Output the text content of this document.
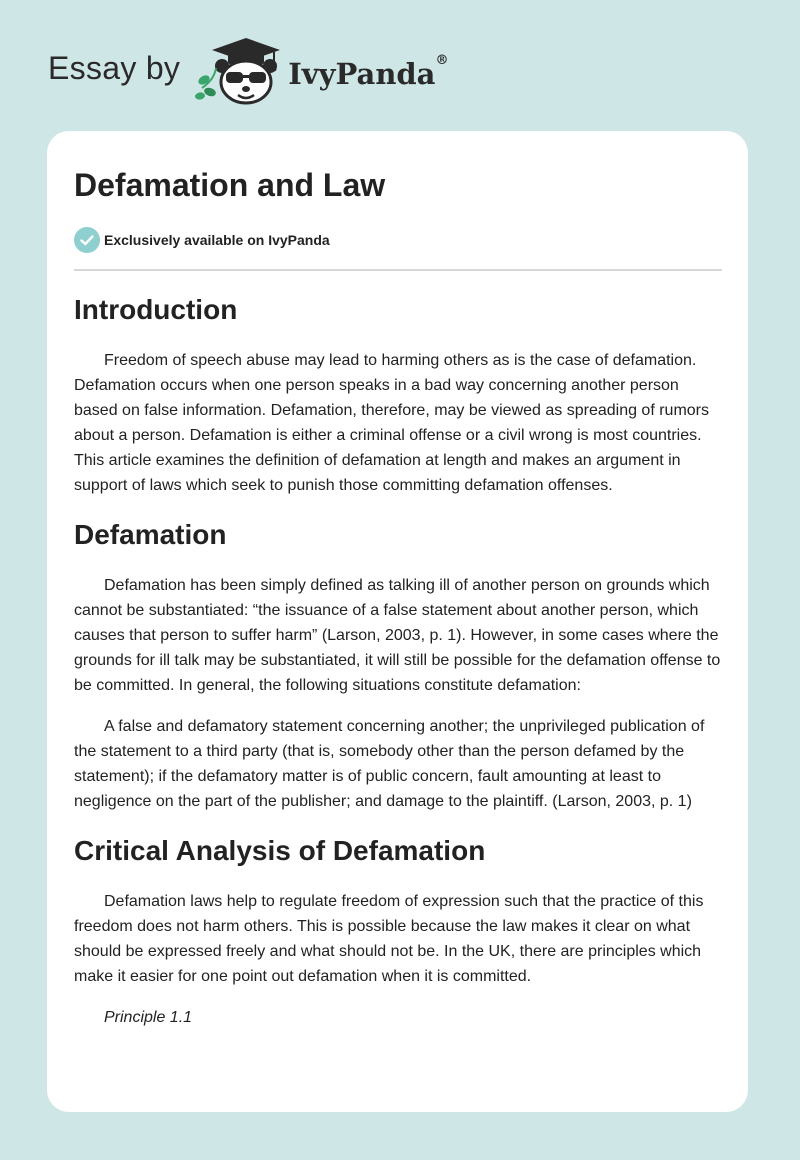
Essay by	IvyPanda®
Defamation and Law
Exclusively available on IvyPanda
Introduction

Freedom of speech abuse may lead to harming others as is the case of defamation. Defamation occurs when one person speaks in a bad way concerning another person based on false information. Defamation, therefore, may be viewed as spreading of rumors about a person. Defamation is either a criminal offense or a civil wrong is most countries. This article examines the definition of defamation at length and makes an argument in support of laws which seek to punish those committing defamation offenses.

Defamation

Defamation has been simply defined as talking ill of another person on grounds which cannot be substantiated: “the issuance of a false statement about another person, which causes that person to suffer harm” (Larson, 2003, p. 1). However, in some cases where the grounds for ill talk may be substantiated, it will still be possible for the defamation offense to be committed. In general, the following situations constitute defamation:

A false and defamatory statement concerning another; the unprivileged publication of the statement to a third party (that is, somebody other than the person defamed by the statement); if the defamatory matter is of public concern, fault amounting at least to negligence on the part of the publisher; and damage to the plaintiff. (Larson, 2003, p. 1)

Critical Analysis of Defamation

Defamation laws help to regulate freedom of expression such that the practice of this freedom does not harm others. This is possible because the law makes it clear on what should be expressed freely and what should not be. In the UK, there are principles which make it easier for one point out defamation when it is committed.

Principle 1.1
